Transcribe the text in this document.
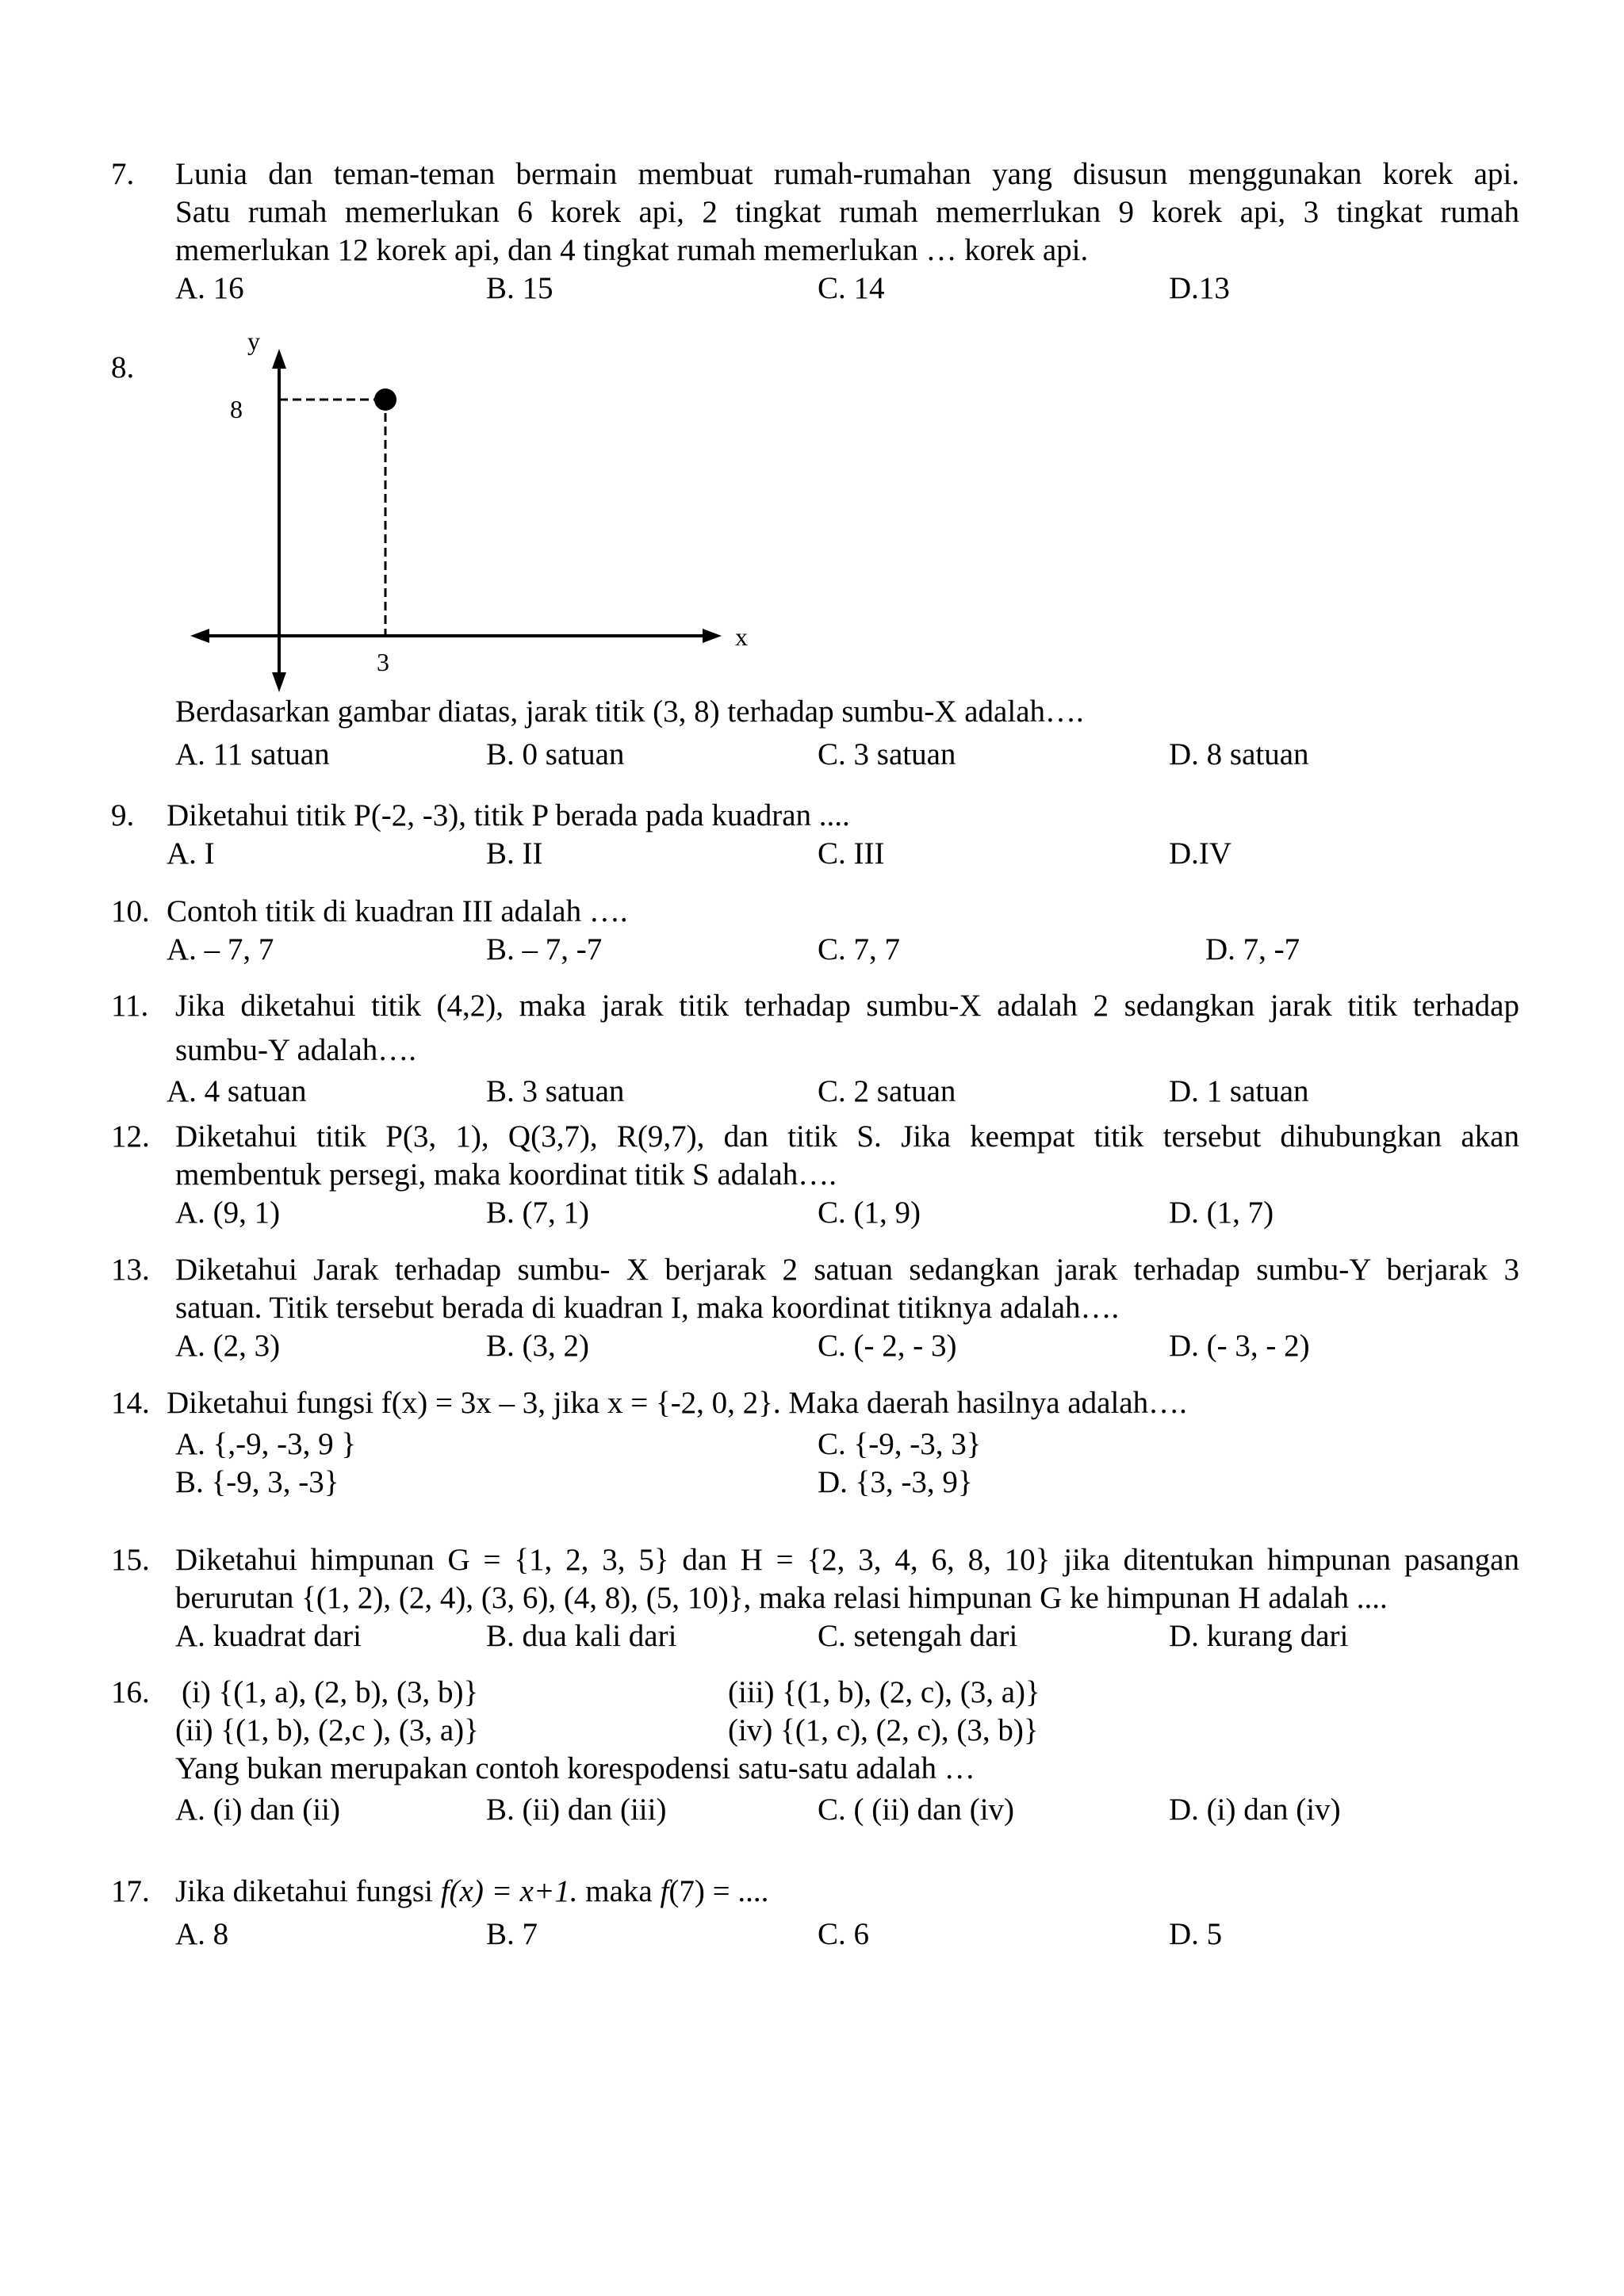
7. Lunia dan teman-teman bermain membuat rumah-rumahan yang disusun menggunakan korek api.
Satu rumah memerlukan 6 korek api, 2 tingkat rumah memerrlukan 9 korek api, 3 tingkat rumah
memerlukan 12 korek api, dan 4 tingkat rumah memerlukan … korek api.
A. 16	B. 15	C. 14	D.13
8.
y
8
3
x
Berdasarkan gambar diatas, jarak titik (3, 8) terhadap sumbu-X adalah….
A. 11 satuan	B. 0 satuan	C. 3 satuan	D. 8 satuan
9. Diketahui titik P(-2, -3), titik P berada pada kuadran ....
A. I	B. II	C. III	D.IV
10. Contoh titik di kuadran III adalah ….
A. – 7, 7	B. – 7, -7	C. 7, 7	D. 7, -7
11. Jika diketahui titik (4,2), maka jarak titik terhadap sumbu-X adalah 2 sedangkan jarak titik terhadap
sumbu-Y adalah….
A. 4 satuan	B. 3 satuan	C. 2 satuan	D. 1 satuan
12. Diketahui titik P(3, 1), Q(3,7), R(9,7), dan titik S. Jika keempat titik tersebut dihubungkan akan
membentuk persegi, maka koordinat titik S adalah….
A. (9, 1)	B. (7, 1)	C. (1, 9)	D. (1, 7)
13. Diketahui Jarak terhadap sumbu- X berjarak 2 satuan sedangkan jarak terhadap sumbu-Y berjarak 3
satuan. Titik tersebut berada di kuadran I, maka koordinat titiknya adalah….
A. (2, 3)	B. (3, 2)	C. (- 2, - 3)	D. (- 3, - 2)
14. Diketahui fungsi f(x) = 3x – 3, jika x = {-2, 0, 2}. Maka daerah hasilnya adalah….
A. {,-9, -3, 9 }	C. {-9, -3, 3}
B. {-9, 3, -3}	D. {3, -3, 9}
15. Diketahui himpunan G = {1, 2, 3, 5} dan H = {2, 3, 4, 6, 8, 10} jika ditentukan himpunan pasangan
berurutan {(1, 2), (2, 4), (3, 6), (4, 8), (5, 10)}, maka relasi himpunan G ke himpunan H adalah ....
A. kuadrat dari	B. dua kali dari	C. setengah dari	D. kurang dari
16. (i) {(1, a), (2, b), (3, b)}	(iii) {(1, b), (2, c), (3, a)}
(ii) {(1, b), (2,c ), (3, a)}	(iv) {(1, c), (2, c), (3, b)}
Yang bukan merupakan contoh korespodensi satu-satu adalah …
A. (i) dan (ii)	B. (ii) dan (iii)	C. ( (ii) dan (iv)	D. (i) dan (iv)
17. Jika diketahui fungsi f(x) = x+1. maka f(7) = ....
A. 8	B. 7	C. 6	D. 5
